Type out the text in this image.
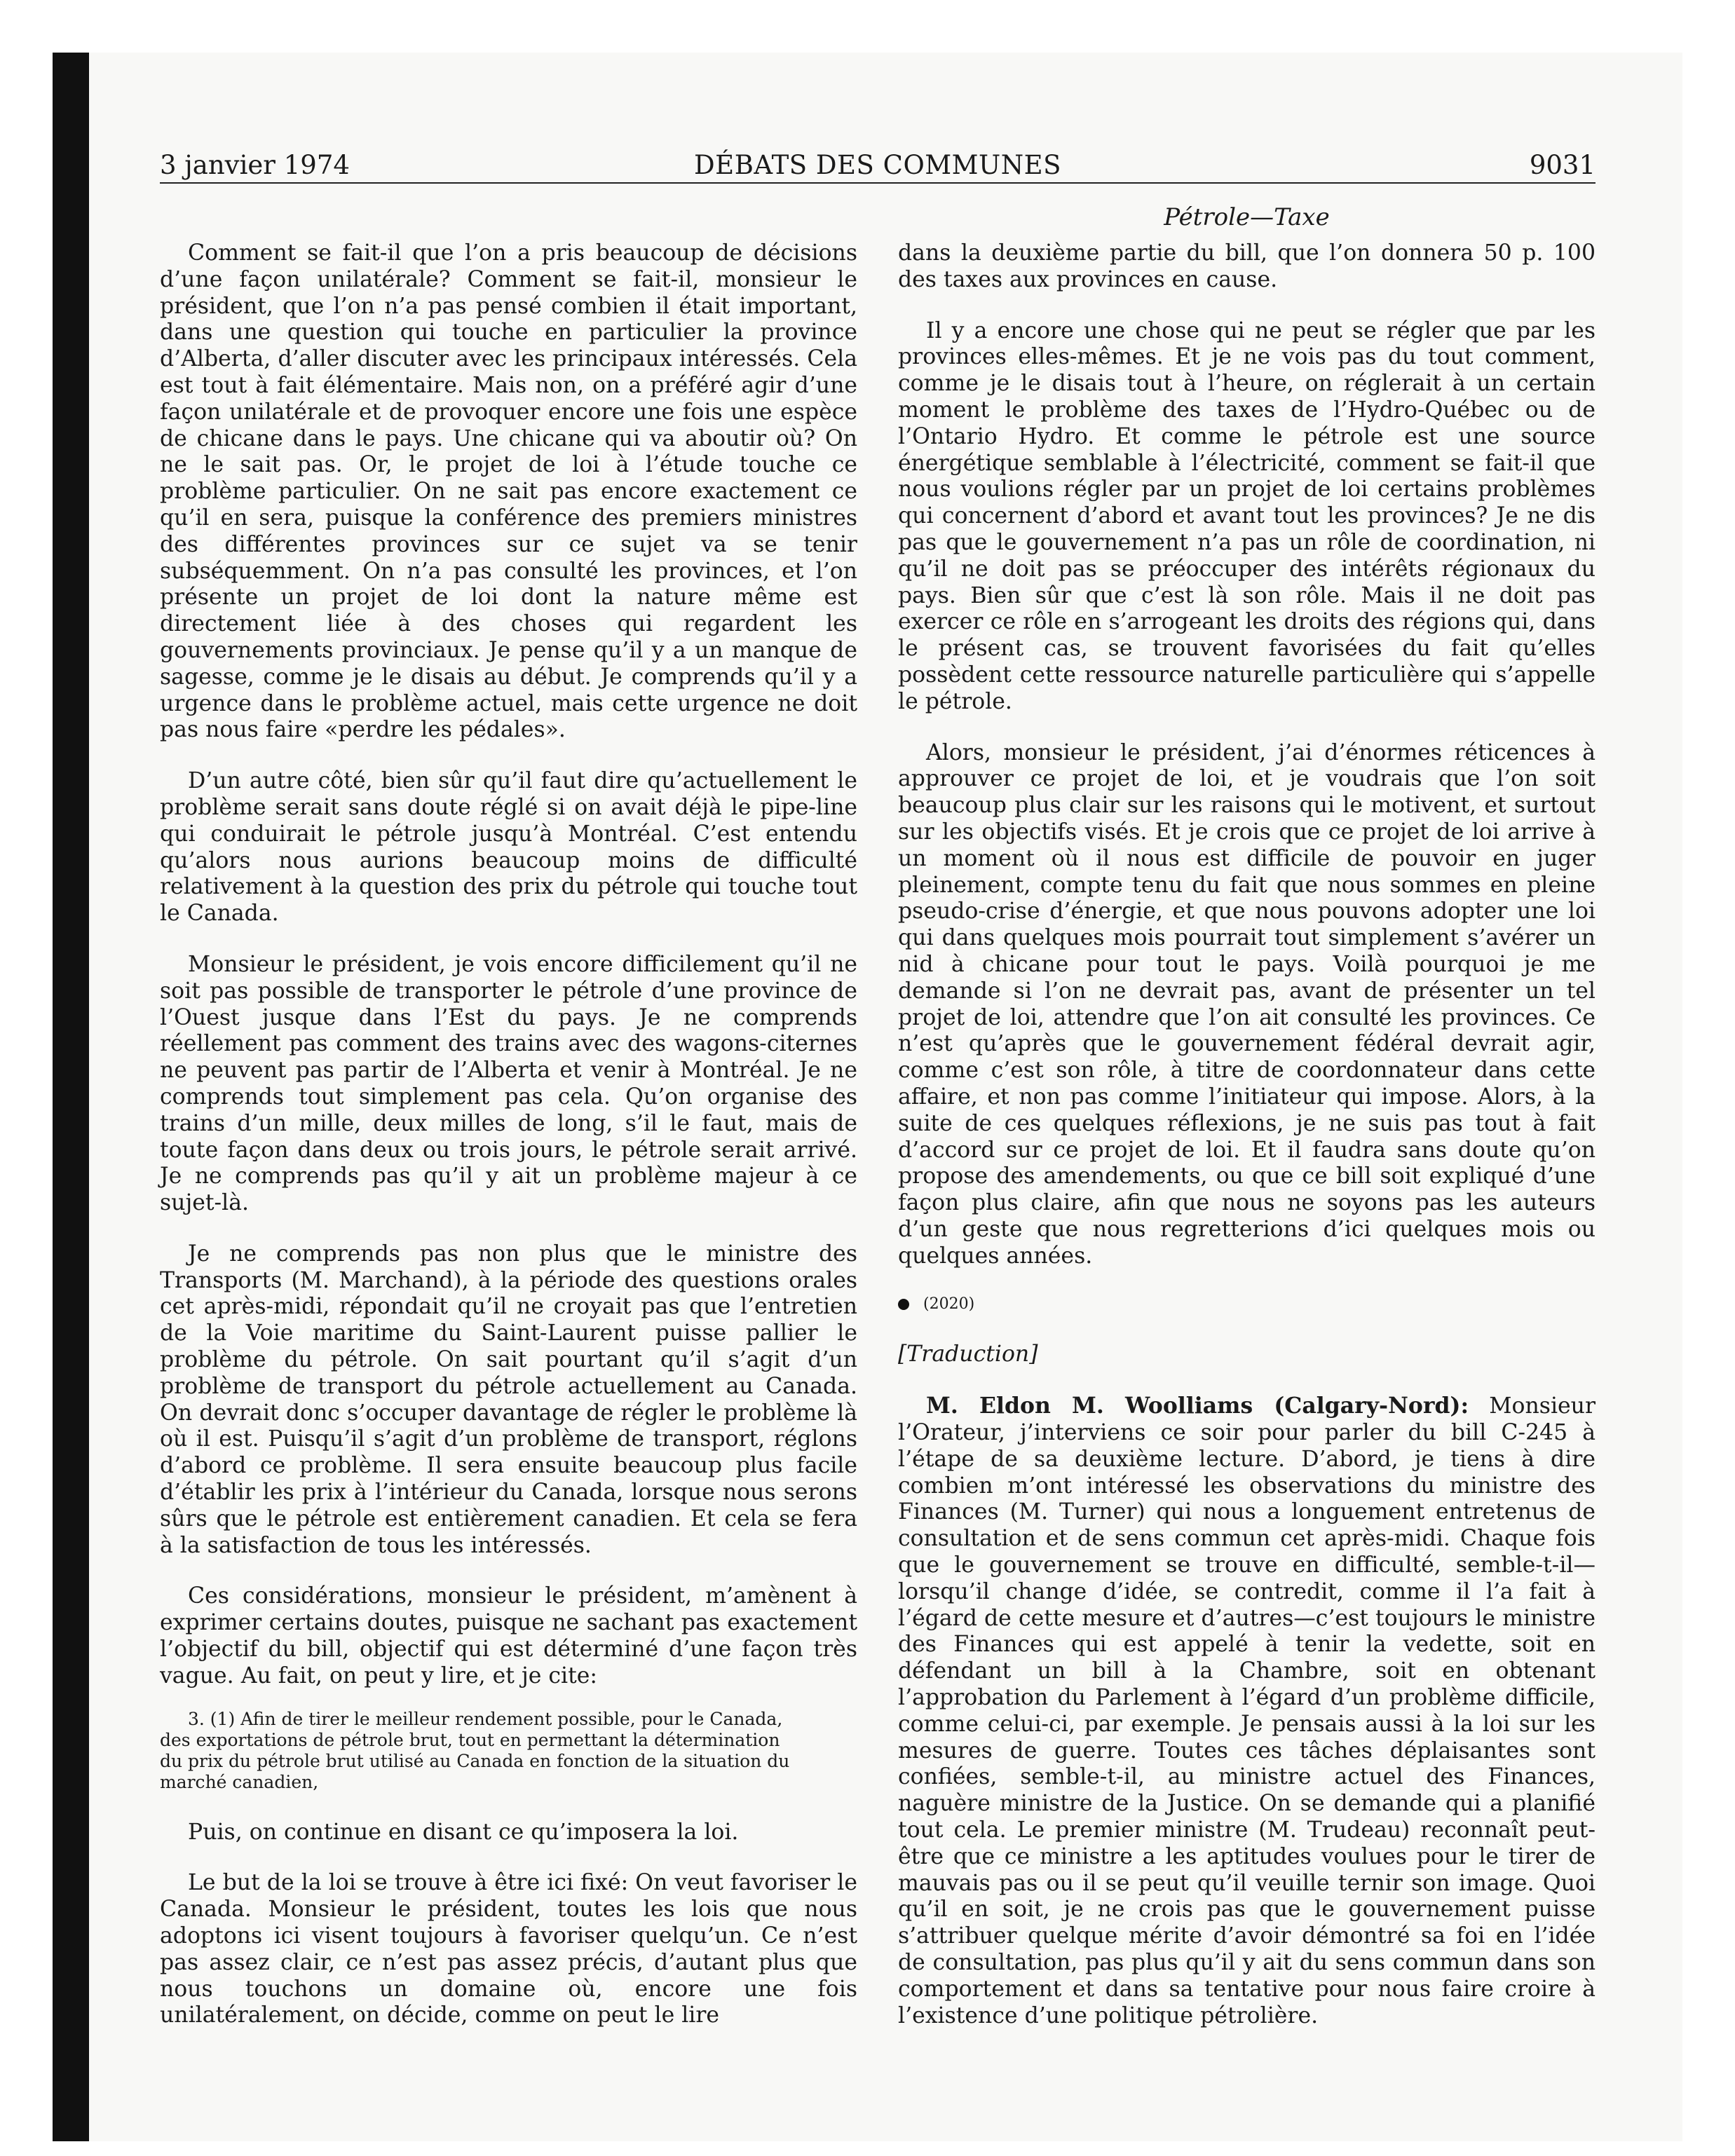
3 janvier 1974	DÉBATS DES COMMUNES	9031
Pétrole—Taxe

Comment se fait-il que l’on a pris beaucoup de décisions d’une façon unilatérale? Comment se fait-il, monsieur le président, que l’on n’a pas pensé combien il était important, dans une question qui touche en particulier la province d’Alberta, d’aller discuter avec les principaux intéressés. Cela est tout à fait élémentaire. Mais non, on a préféré agir d’une façon unilatérale et de provoquer encore une fois une espèce de chicane dans le pays. Une chicane qui va aboutir où? On ne le sait pas. Or, le projet de loi à l’étude touche ce problème particulier. On ne sait pas encore exactement ce qu’il en sera, puisque la conférence des premiers ministres des différentes provinces sur ce sujet va se tenir subséquemment. On n’a pas consulté les provinces, et l’on présente un projet de loi dont la nature même est directement liée à des choses qui regardent les gouvernements provinciaux. Je pense qu’il y a un manque de sagesse, comme je le disais au début. Je comprends qu’il y a urgence dans le problème actuel, mais cette urgence ne doit pas nous faire «perdre les pédales».

D’un autre côté, bien sûr qu’il faut dire qu’actuellement le problème serait sans doute réglé si on avait déjà le pipe-line qui conduirait le pétrole jusqu’à Montréal. C’est entendu qu’alors nous aurions beaucoup moins de difficulté relativement à la question des prix du pétrole qui touche tout le Canada.

Monsieur le président, je vois encore difficilement qu’il ne soit pas possible de transporter le pétrole d’une province de l’Ouest jusque dans l’Est du pays. Je ne comprends réellement pas comment des trains avec des wagons-citernes ne peuvent pas partir de l’Alberta et venir à Montréal. Je ne comprends tout simplement pas cela. Qu’on organise des trains d’un mille, deux milles de long, s’il le faut, mais de toute façon dans deux ou trois jours, le pétrole serait arrivé. Je ne comprends pas qu’il y ait un problème majeur à ce sujet-là.

Je ne comprends pas non plus que le ministre des Transports (M. Marchand), à la période des questions orales cet après-midi, répondait qu’il ne croyait pas que l’entretien de la Voie maritime du Saint-Laurent puisse pallier le problème du pétrole. On sait pourtant qu’il s’agit d’un problème de transport du pétrole actuellement au Canada. On devrait donc s’occuper davantage de régler le problème là où il est. Puisqu’il s’agit d’un problème de transport, réglons d’abord ce problème. Il sera ensuite beaucoup plus facile d’établir les prix à l’intérieur du Canada, lorsque nous serons sûrs que le pétrole est entièrement canadien. Et cela se fera à la satisfaction de tous les intéressés.

Ces considérations, monsieur le président, m’amènent à exprimer certains doutes, puisque ne sachant pas exactement l’objectif du bill, objectif qui est déterminé d’une façon très vague. Au fait, on peut y lire, et je cite:

3. (1) Afin de tirer le meilleur rendement possible, pour le Canada,
des exportations de pétrole brut, tout en permettant la détermination
du prix du pétrole brut utilisé au Canada en fonction de la situation du
marché canadien,

Puis, on continue en disant ce qu’imposera la loi.

Le but de la loi se trouve à être ici fixé: On veut favoriser le Canada. Monsieur le président, toutes les lois que nous adoptons ici visent toujours à favoriser quelqu’un. Ce n’est pas assez clair, ce n’est pas assez précis, d’autant plus que nous touchons un domaine où, encore une fois unilatéralement, on décide, comme on peut le lire

dans la deuxième partie du bill, que l’on donnera 50 p. 100 des taxes aux provinces en cause.

Il y a encore une chose qui ne peut se régler que par les provinces elles-mêmes. Et je ne vois pas du tout comment, comme je le disais tout à l’heure, on réglerait à un certain moment le problème des taxes de l’Hydro-Québec ou de l’Ontario Hydro. Et comme le pétrole est une source énergétique semblable à l’électricité, comment se fait-il que nous voulions régler par un projet de loi certains problèmes qui concernent d’abord et avant tout les provinces? Je ne dis pas que le gouvernement n’a pas un rôle de coordination, ni qu’il ne doit pas se préoccuper des intérêts régionaux du pays. Bien sûr que c’est là son rôle. Mais il ne doit pas exercer ce rôle en s’arrogeant les droits des régions qui, dans le présent cas, se trouvent favorisées du fait qu’elles possèdent cette ressource naturelle particulière qui s’appelle le pétrole.

Alors, monsieur le président, j’ai d’énormes réticences à approuver ce projet de loi, et je voudrais que l’on soit beaucoup plus clair sur les raisons qui le motivent, et surtout sur les objectifs visés. Et je crois que ce projet de loi arrive à un moment où il nous est difficile de pouvoir en juger pleinement, compte tenu du fait que nous sommes en pleine pseudo-crise d’énergie, et que nous pouvons adopter une loi qui dans quelques mois pourrait tout simplement s’avérer un nid à chicane pour tout le pays. Voilà pourquoi je me demande si l’on ne devrait pas, avant de présenter un tel projet de loi, attendre que l’on ait consulté les provinces. Ce n’est qu’après que le gouvernement fédéral devrait agir, comme c’est son rôle, à titre de coordonnateur dans cette affaire, et non pas comme l’initiateur qui impose. Alors, à la suite de ces quelques réflexions, je ne suis pas tout à fait d’accord sur ce projet de loi. Et il faudra sans doute qu’on propose des amendements, ou que ce bill soit expliqué d’une façon plus claire, afin que nous ne soyons pas les auteurs d’un geste que nous regretterions d’ici quelques mois ou quelques années.

(2020)

[Traduction]

M. Eldon M. Woolliams (Calgary-Nord): Monsieur l’Orateur, j’interviens ce soir pour parler du bill C-245 à l’étape de sa deuxième lecture. D’abord, je tiens à dire combien m’ont intéressé les observations du ministre des Finances (M. Turner) qui nous a longuement entretenus de consultation et de sens commun cet après-midi. Chaque fois que le gouvernement se trouve en difficulté, semble-t-il—lorsqu’il change d’idée, se contredit, comme il l’a fait à l’égard de cette mesure et d’autres—c’est toujours le ministre des Finances qui est appelé à tenir la vedette, soit en défendant un bill à la Chambre, soit en obtenant l’approbation du Parlement à l’égard d’un problème difficile, comme celui-ci, par exemple. Je pensais aussi à la loi sur les mesures de guerre. Toutes ces tâches déplaisantes sont confiées, semble-t-il, au ministre actuel des Finances, naguère ministre de la Justice. On se demande qui a planifié tout cela. Le premier ministre (M. Trudeau) reconnaît peut-être que ce ministre a les aptitudes voulues pour le tirer de mauvais pas ou il se peut qu’il veuille ternir son image. Quoi qu’il en soit, je ne crois pas que le gouvernement puisse s’attribuer quelque mérite d’avoir démontré sa foi en l’idée de consultation, pas plus qu’il y ait du sens commun dans son comportement et dans sa tentative pour nous faire croire à l’existence d’une politique pétrolière.
